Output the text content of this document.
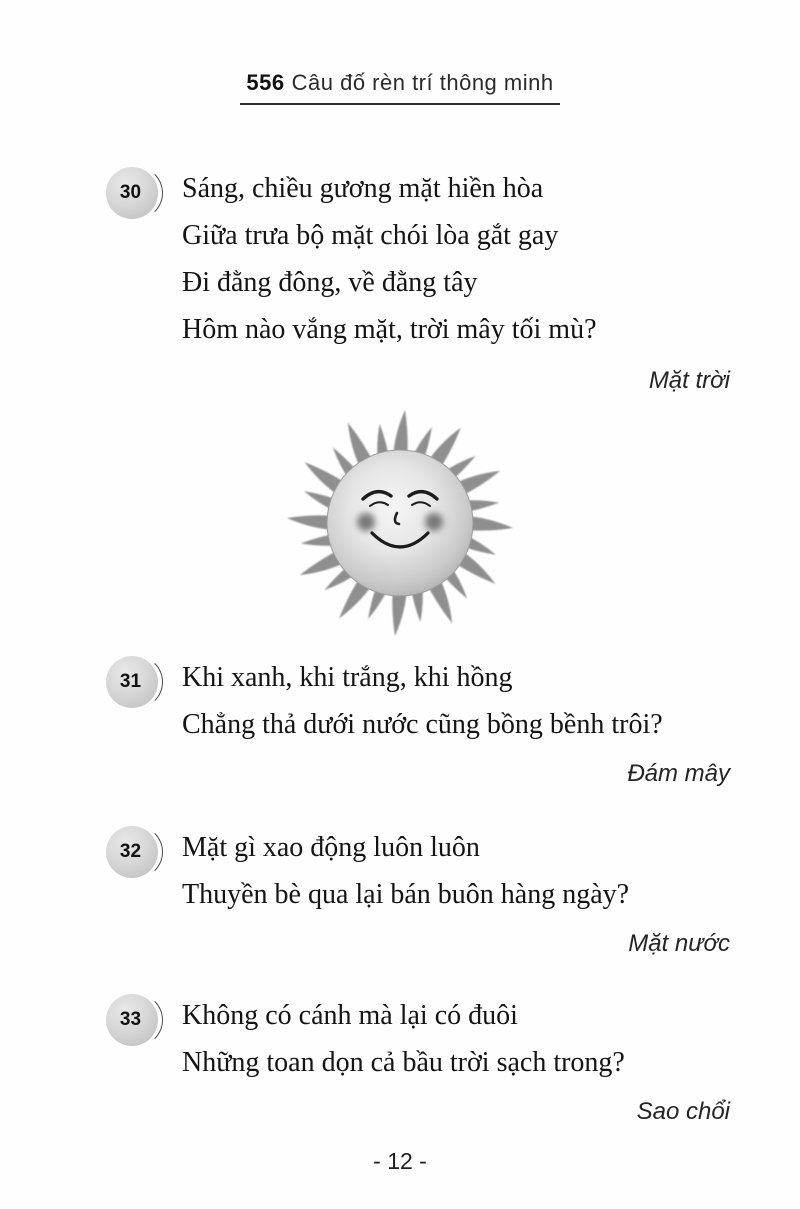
556 Câu đố rèn trí thông minh
30 Sáng, chiều gương mặt hiền hòa
Giữa trưa bộ mặt chói lòa gắt gay
Đi đằng đông, về đằng tây
Hôm nào vắng mặt, trời mây tối mù?
Mặt trời
31 Khi xanh, khi trắng, khi hồng
Chẳng thả dưới nước cũng bồng bềnh trôi?
Đám mây
32 Mặt gì xao động luôn luôn
Thuyền bè qua lại bán buôn hàng ngày?
Mặt nước
33 Không có cánh mà lại có đuôi
Những toan dọn cả bầu trời sạch trong?
Sao chổi
- 12 -
